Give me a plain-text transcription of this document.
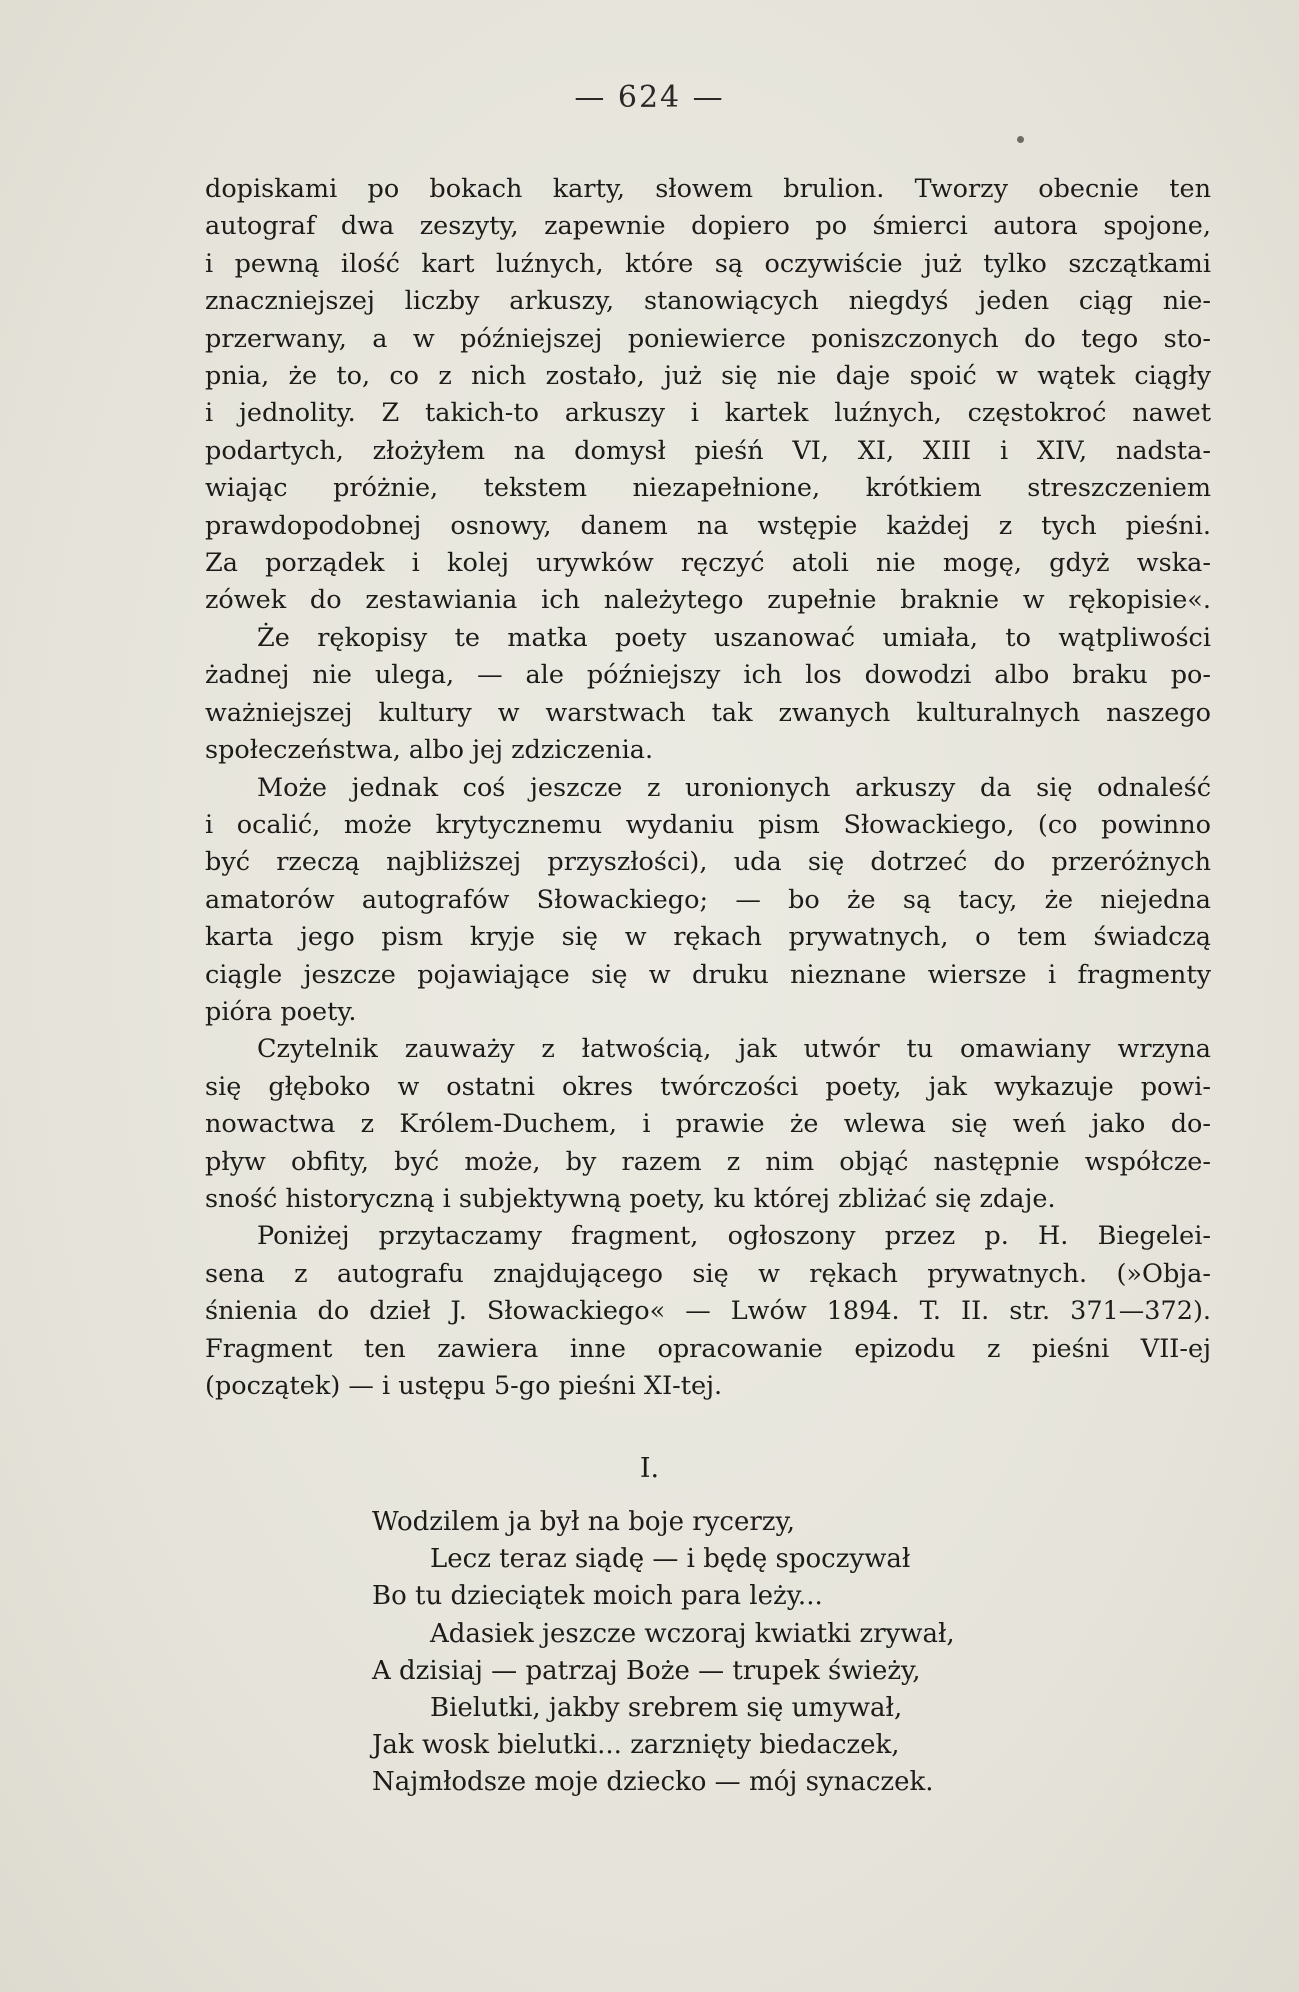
— 624 —

dopiskami po bokach karty, słowem brulion. Tworzy obecnie ten
autograf dwa zeszyty, zapewnie dopiero po śmierci autora spojone,
i pewną ilość kart luźnych, które są oczywiście już tylko szczątkami
znaczniejszej liczby arkuszy, stanowiących niegdyś jeden ciąg nie-
przerwany, a w późniejszej poniewierce poniszczonych do tego sto-
pnia, że to, co z nich zostało, już się nie daje spoić w wątek ciągły
i jednolity. Z takich-to arkuszy i kartek luźnych, częstokroć nawet
podartych, złożyłem na domysł pieśń VI, XI, XIII i XIV, nadsta-
wiając próżnie, tekstem niezapełnione, krótkiem streszczeniem
prawdopodobnej osnowy, danem na wstępie każdej z tych pieśni.
Za porządek i kolej urywków ręczyć atoli nie mogę, gdyż wska-
zówek do zestawiania ich należytego zupełnie braknie w rękopisie«.
Że rękopisy te matka poety uszanować umiała, to wątpliwości
żadnej nie ulega, — ale późniejszy ich los dowodzi albo braku po-
ważniejszej kultury w warstwach tak zwanych kulturalnych naszego
społeczeństwa, albo jej zdziczenia.

Może jednak coś jeszcze z uronionych arkuszy da się odnaleść
i ocalić, może krytycznemu wydaniu pism Słowackiego, (co powinno
być rzeczą najbliższej przyszłości), uda się dotrzeć do przeróżnych
amatorów autografów Słowackiego; — bo że są tacy, że niejedna
karta jego pism kryje się w rękach prywatnych, o tem świadczą
ciągle jeszcze pojawiające się w druku nieznane wiersze i fragmenty
pióra poety.

Czytelnik zauważy z łatwością, jak utwór tu omawiany wrzyna
się głęboko w ostatni okres twórczości poety, jak wykazuje powi-
nowactwa z Królem-Duchem, i prawie że wlewa się weń jako do-
pływ obfity, być może, by razem z nim objąć następnie współcze-
sność historyczną i subjektywną poety, ku której zbliżać się zdaje.

Poniżej przytaczamy fragment, ogłoszony przez p. H. Biegelei-
sena z autografu znajdującego się w rękach prywatnych. (»Obja-
śnienia do dzieł J. Słowackiego« — Lwów 1894. T. II. str. 371—372).
Fragment ten zawiera inne opracowanie epizodu z pieśni VII-ej
(początek) — i ustępu 5-go pieśni XI-tej.

I.
Wodzilem ja był na boje rycerzy,
Lecz teraz siądę — i będę spoczywał
Bo tu dzieciątek moich para leży...
Adasiek jeszcze wczoraj kwiatki zrywał,
A dzisiaj — patrzaj Boże — trupek świeży,
Bielutki, jakby srebrem się umywał,
Jak wosk bielutki... zarznięty biedaczek,
Najmłodsze moje dziecko — mój synaczek.
